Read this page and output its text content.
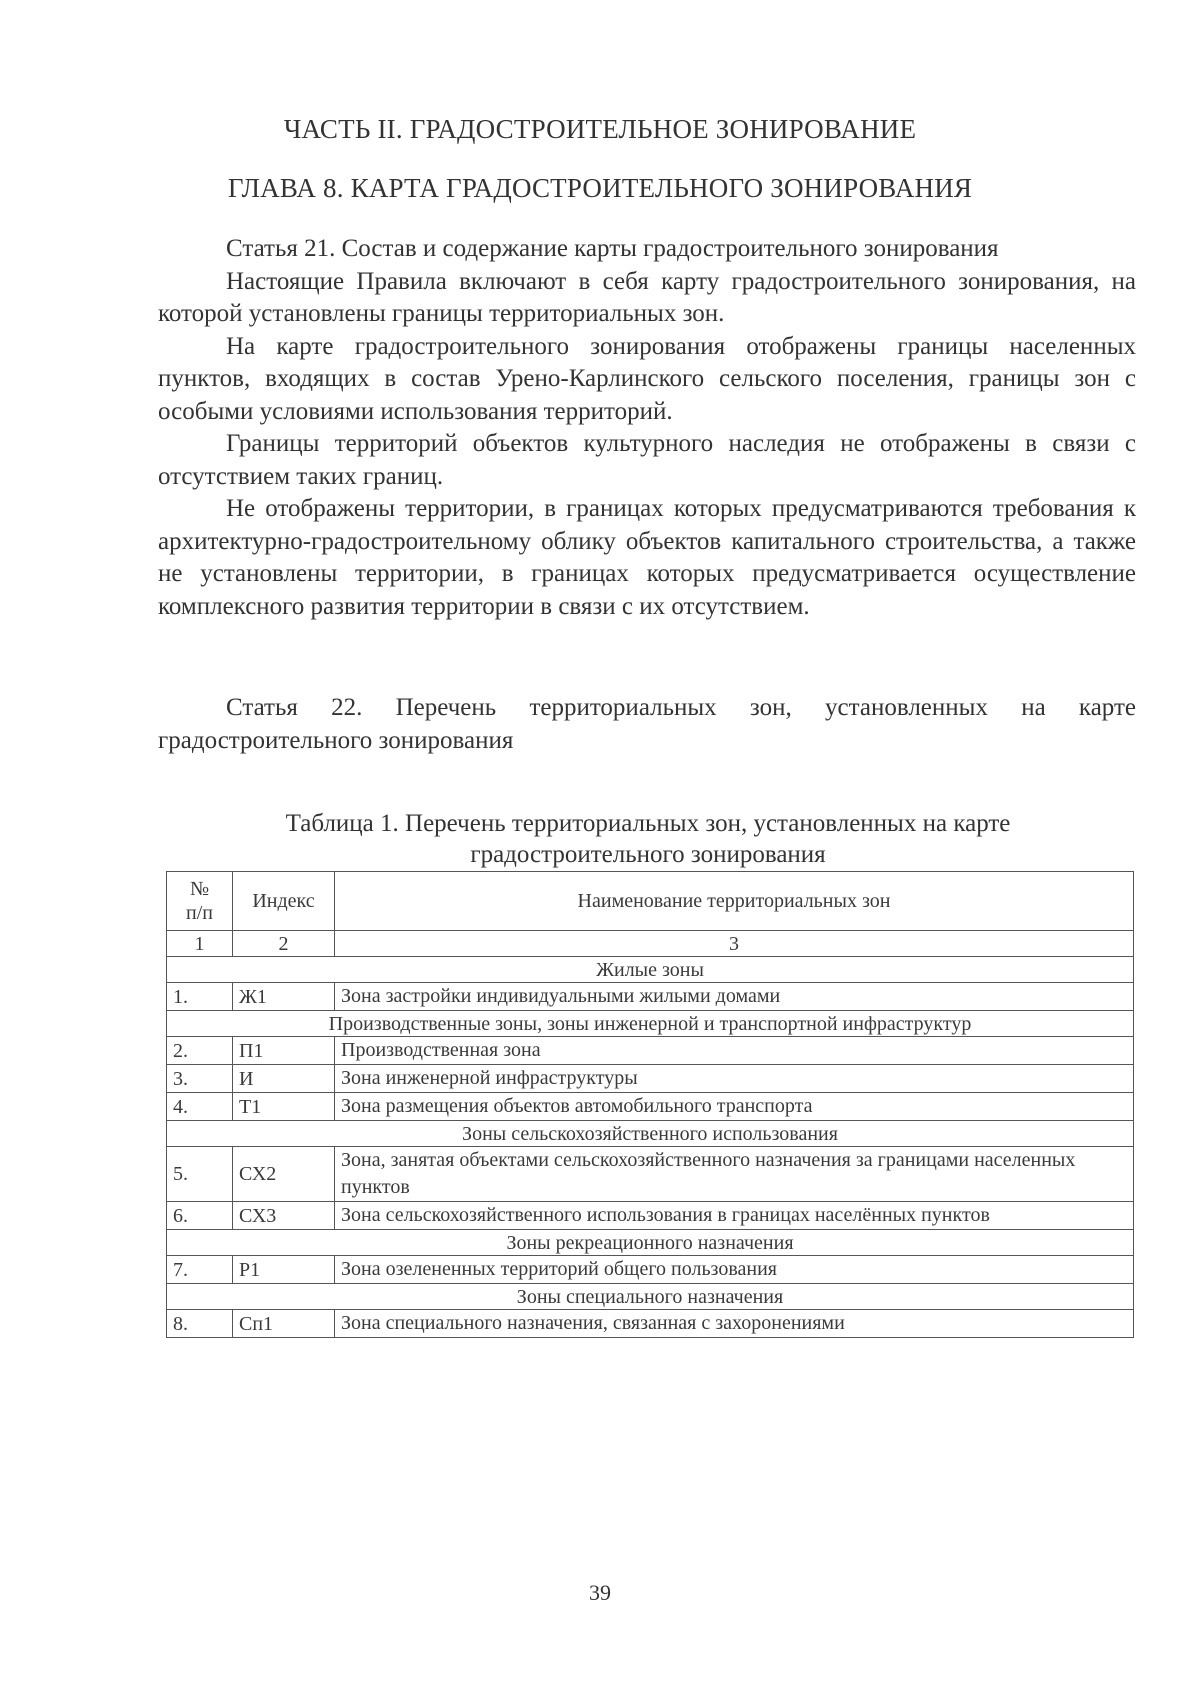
ЧАСТЬ II. ГРАДОСТРОИТЕЛЬНОЕ ЗОНИРОВАНИЕ
ГЛАВА 8. КАРТА ГРАДОСТРОИТЕЛЬНОГО ЗОНИРОВАНИЯ

Статья 21. Состав и содержание карты градостроительного зонирования

Настоящие Правила включают в себя карту градостроительного зонирования, на которой установлены границы территориальных зон.

На карте градостроительного зонирования отображены границы населенных пунктов, входящих в состав Урено-Карлинского сельского поселения, границы зон с особыми условиями использования территорий.

Границы территорий объектов культурного наследия не отображены в связи с отсутствием таких границ.

Не отображены территории, в границах которых предусматриваются требования к архитектурно-градостроительному облику объектов капитального строительства, а также не установлены территории, в границах которых предусматривается осуществление комплексного развития территории в связи с их отсутствием.

Статья 22. Перечень территориальных зон, установленных на карте градостроительного зонирования

Таблица 1. Перечень территориальных зон, установленных на карте
градостроительного зонирования
№
п/п	Индекс	Наименование территориальных зон
1	2	3
Жилые зоны		
1.	Ж1	Зона застройки индивидуальными жилыми домами
Производственные зоны, зоны инженерной и транспортной инфраструктур		
2.	П1	Производственная зона
3.	И	Зона инженерной инфраструктуры
4.	Т1	Зона размещения объектов автомобильного транспорта
Зоны сельскохозяйственного использования		
5.	СХ2	Зона, занятая объектами сельскохозяйственного назначения за границами населенных пунктов
6.	СХ3	Зона сельскохозяйственного использования в границах населённых пунктов
Зоны рекреационного назначения		
7.	Р1	Зона озелененных территорий общего пользования
Зоны специального назначения		
8.	Сп1	Зона специального назначения, связанная с захоронениями
39
